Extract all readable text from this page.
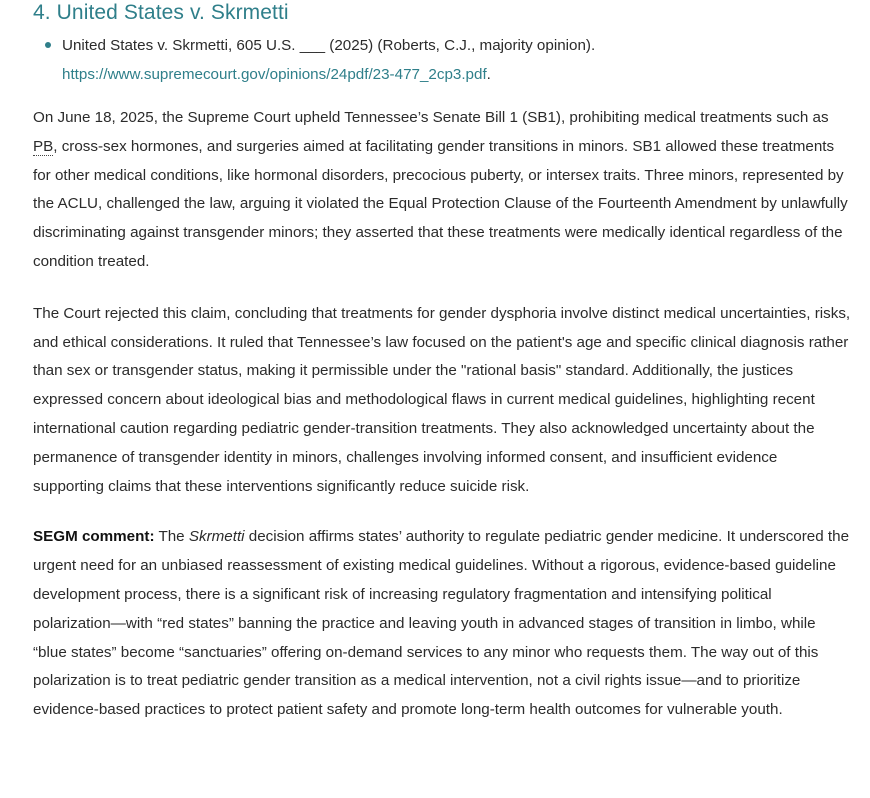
4. United States v. Skrmetti
United States v. Skrmetti, 605 U.S. ___ (2025) (Roberts, C.J., majority opinion).
https://www.supremecourt.gov/opinions/24pdf/23-477_2cp3.pdf.

On June 18, 2025, the Supreme Court upheld Tennessee’s Senate Bill 1 (SB1), prohibiting medical treatments such as PB, cross-sex hormones, and surgeries aimed at facilitating gender transitions in minors. SB1 allowed these treatments for other medical conditions, like hormonal disorders, precocious puberty, or intersex traits. Three minors, represented by the ACLU, challenged the law, arguing it violated the Equal Protection Clause of the Fourteenth Amendment by unlawfully discriminating against transgender minors; they asserted that these treatments were medically identical regardless of the condition treated.

The Court rejected this claim, concluding that treatments for gender dysphoria involve distinct medical uncertainties, risks, and ethical considerations. It ruled that Tennessee’s law focused on the patient's age and specific clinical diagnosis rather than sex or transgender status, making it permissible under the "rational basis" standard. Additionally, the justices expressed concern about ideological bias and methodological flaws in current medical guidelines, highlighting recent international caution regarding pediatric gender-transition treatments. They also acknowledged uncertainty about the permanence of transgender identity in minors, challenges involving informed consent, and insufficient evidence supporting claims that these interventions significantly reduce suicide risk.

SEGM comment: The Skrmetti decision affirms states’ authority to regulate pediatric gender medicine. It underscored the urgent need for an unbiased reassessment of existing medical guidelines. Without a rigorous, evidence-based guideline development process, there is a significant risk of increasing regulatory fragmentation and intensifying political polarization—with “red states” banning the practice and leaving youth in advanced stages of transition in limbo, while “blue states” become “sanctuaries” offering on-demand services to any minor who requests them. The way out of this polarization is to treat pediatric gender transition as a medical intervention, not a civil rights issue—and to prioritize evidence-based practices to protect patient safety and promote long-term health outcomes for vulnerable youth.
